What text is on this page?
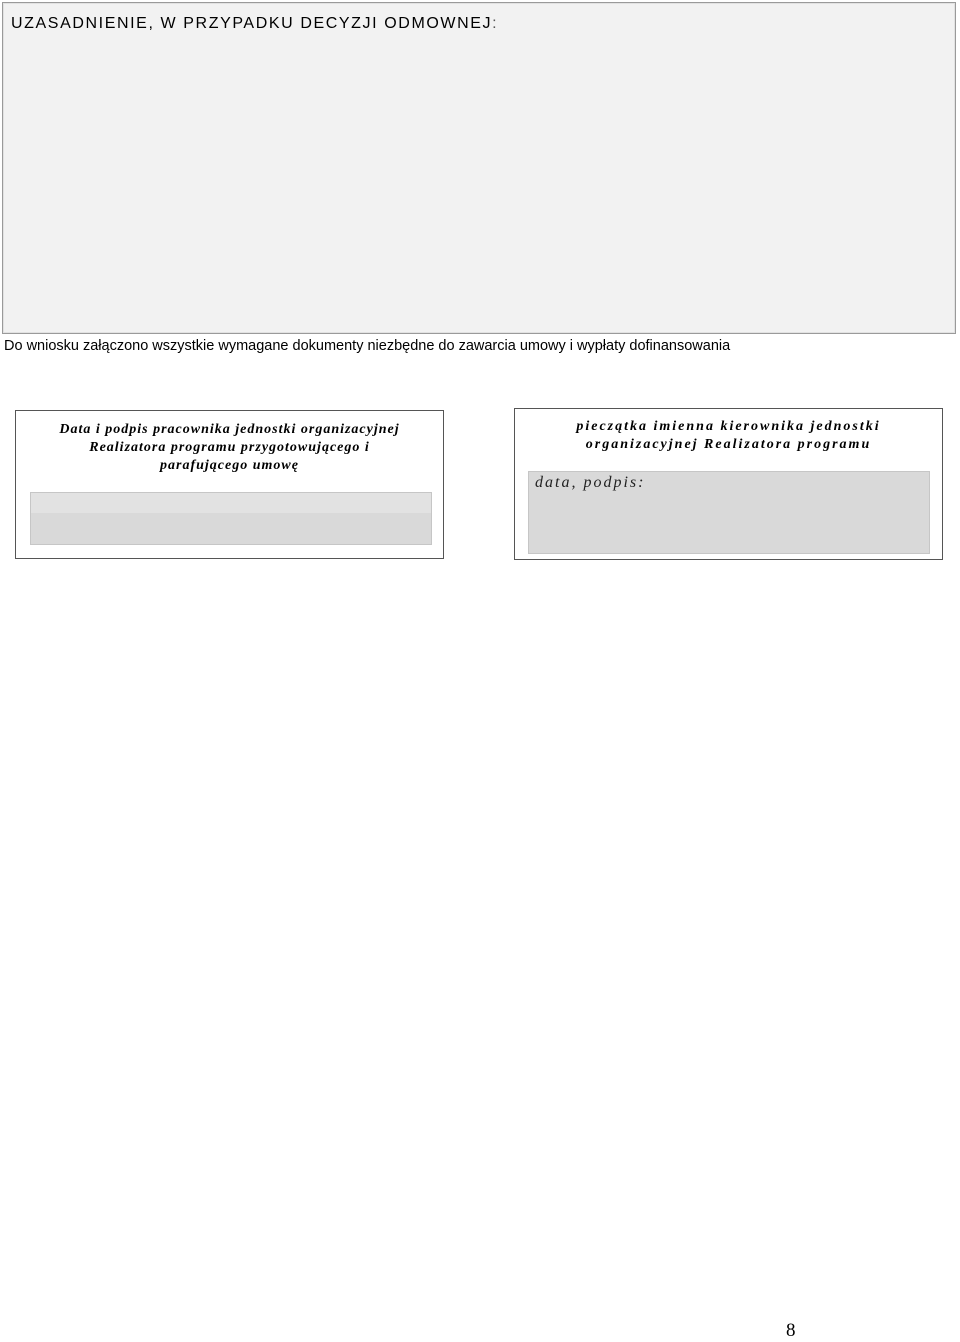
UZASADNIENIE, W PRZYPADKU DECYZJI ODMOWNEJ:
Do wniosku załączono wszystkie wymagane dokumenty niezbędne do zawarcia umowy i wypłaty dofinansowania
Data i podpis pracownika jednostki organizacyjnej
Realizatora programu przygotowującego i
parafującego umowę
pieczątka imienna kierownika jednostki
organizacyjnej Realizatora programu
data, podpis:
8
